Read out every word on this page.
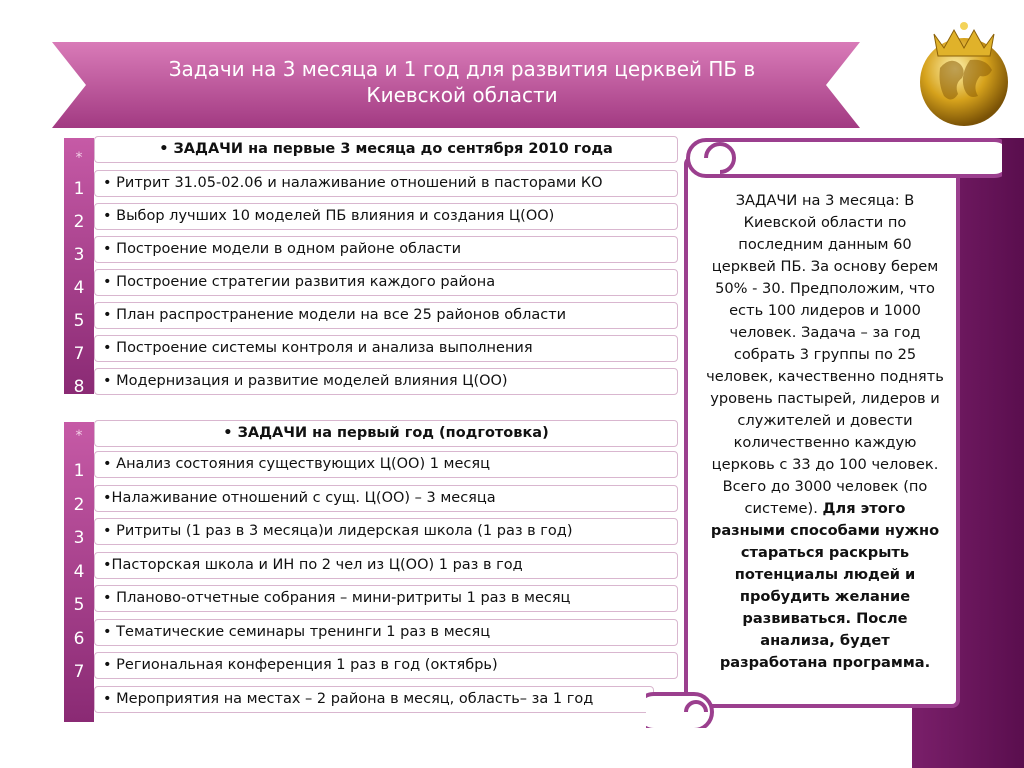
Задачи на 3 месяца и 1 год для развития церквей ПБ в Киевской области
*
• ЗАДАЧИ на первые 3 месяца до сентября 2010 года
1	• Ритрит 31.05-02.06 и налаживание отношений в пасторами КО
2	• Выбор лучших 10 моделей ПБ влияния и создания Ц(ОО)
3	• Построение модели в одном районе области
4	• Построение стратегии развития каждого района
5	• План распространение модели на все 25 районов области
7	• Построение системы контроля и анализа выполнения
8	• Модернизация и развитие моделей влияния Ц(ОО)
*	• ЗАДАЧИ на первый год (подготовка)
1	• Анализ состояния существующих Ц(ОО) 1 месяц
2	•Налаживание отношений с сущ. Ц(ОО) – 3 месяца
3	• Ритриты (1 раз в 3 месяца)и лидерская школа (1 раз в год)
4	•Пасторская школа и ИН по 2 чел из Ц(ОО) 1 раз в год
5	• Планово-отчетные собрания – мини-ритриты 1 раз в месяц
6	• Тематические семинары тренинги 1 раз в месяц
7	• Региональная конференция 1 раз в год (октябрь)
• Мероприятия на местах – 2 района в месяц, область– за 1 год
ЗАДАЧИ на 3 месяца: В Киевской области по последним данным 60 церквей ПБ. За основу берем 50% - 30. Предположим, что есть 100 лидеров и 1000 человек. Задача – за год собрать 3 группы по 25 человек, качественно поднять уровень пастырей, лидеров и служителей и довести количественно каждую церковь с 33 до 100 человек. Всего до 3000 человек (по системе). Для этого разными способами нужно стараться раскрыть потенциалы людей и пробудить желание развиваться. После анализа, будет разработана программа.
